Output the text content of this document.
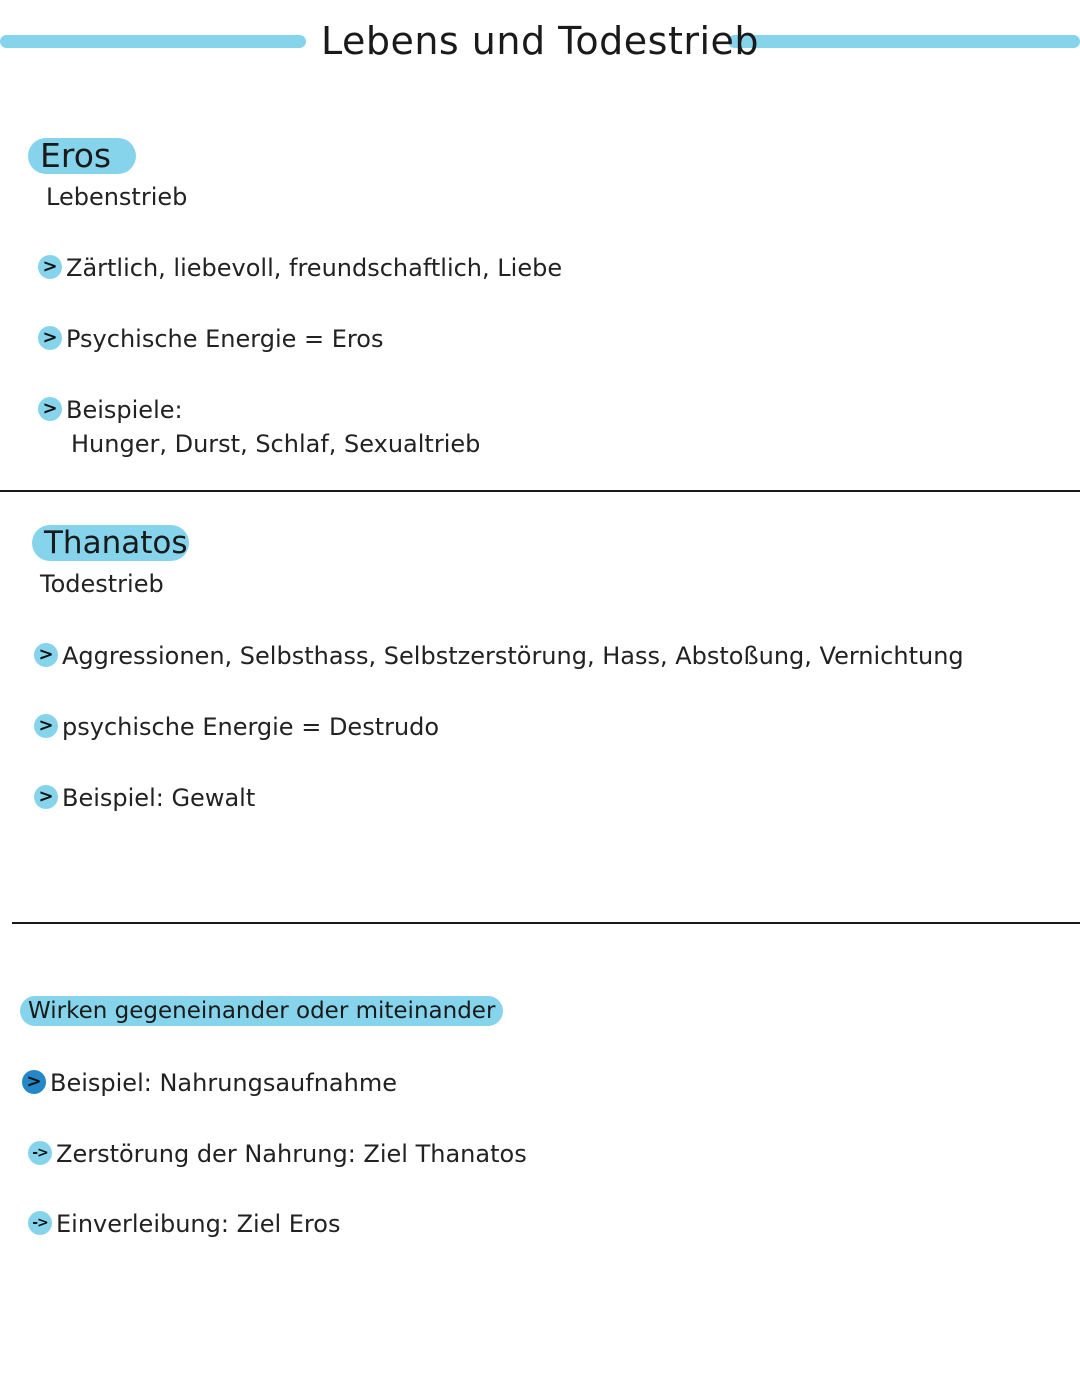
Lebens und Todestrieb
Eros
Lebenstrieb
> Zärtlich, liebevoll, freundschaftlich, Liebe
> Psychische Energie = Eros
> Beispiele:
Hunger, Durst, Schlaf, Sexualtrieb
Thanatos
Todestrieb
> Aggressionen, Selbsthass, Selbstzerstörung, Hass, Abstoßung, Vernichtung
> psychische Energie = Destrudo
> Beispiel: Gewalt
Wirken gegeneinander oder miteinander
> Beispiel: Nahrungsaufnahme
-> Zerstörung der Nahrung: Ziel Thanatos
-> Einverleibung: Ziel Eros
